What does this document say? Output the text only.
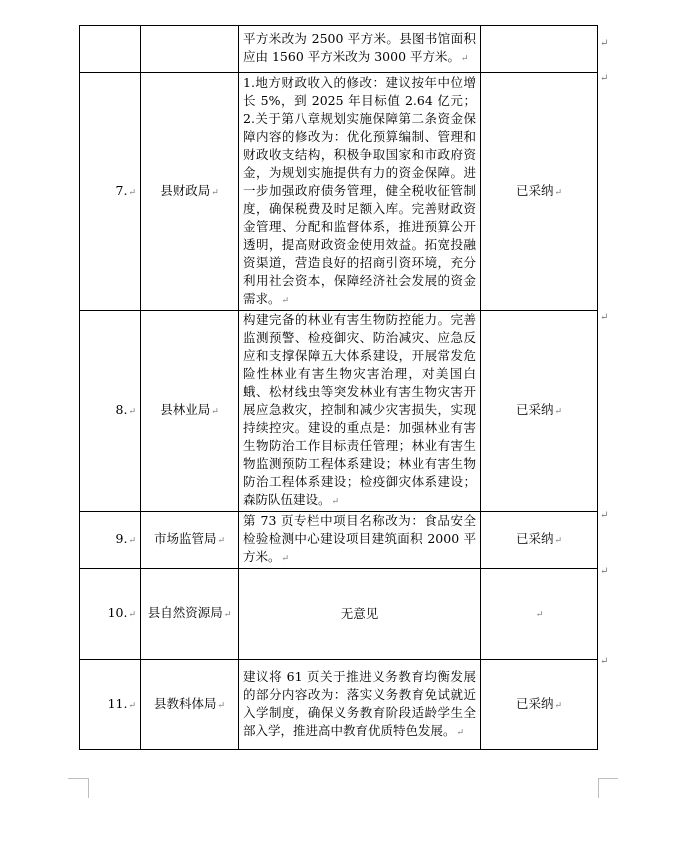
		平方米改为 2500 平方米。县图书馆面积应由 1560 平方米改为 3000 平方米。↵	
7.↵	县财政局↵	1.地方财政收入的修改：建议按年中位增长 5%，到 2025 年目标值 2.64 亿元；2.关于第八章规划实施保障第二条资金保障内容的修改为：优化预算编制、管理和财政收支结构，积极争取国家和市政府资金，为规划实施提供有力的资金保障。进一步加强政府债务管理，健全税收征管制度，确保税费及时足额入库。完善财政资金管理、分配和监督体系，推进预算公开透明，提高财政资金使用效益。拓宽投融资渠道，营造良好的招商引资环境，充分利用社会资本，保障经济社会发展的资金需求。↵	已采纳↵
8.↵	县林业局↵	构建完备的林业有害生物防控能力。完善监测预警、检疫御灾、防治减灾、应急反应和支撑保障五大体系建设，开展常发危险性林业有害生物灾害治理，对美国白蛾、松材线虫等突发林业有害生物灾害开展应急救灾，控制和减少灾害损失，实现持续控灾。建设的重点是：加强林业有害生物防治工作目标责任管理；林业有害生物监测预防工程体系建设；林业有害生物防治工程体系建设；检疫御灾体系建设；森防队伍建设。↵	已采纳↵
9.↵	市场监管局↵	第 73 页专栏中项目名称改为：食品安全检验检测中心建设项目建筑面积 2000 平方米。↵	已采纳↵
10.↵	县自然资源局↵	无意见	↵
11.↵	县教科体局↵	建议将 61 页关于推进义务教育均衡发展的部分内容改为：落实义务教育免试就近入学制度，确保义务教育阶段适龄学生全部入学，推进高中教育优质特色发展。↵	已采纳↵
↵
↵
↵
↵
↵
↵
